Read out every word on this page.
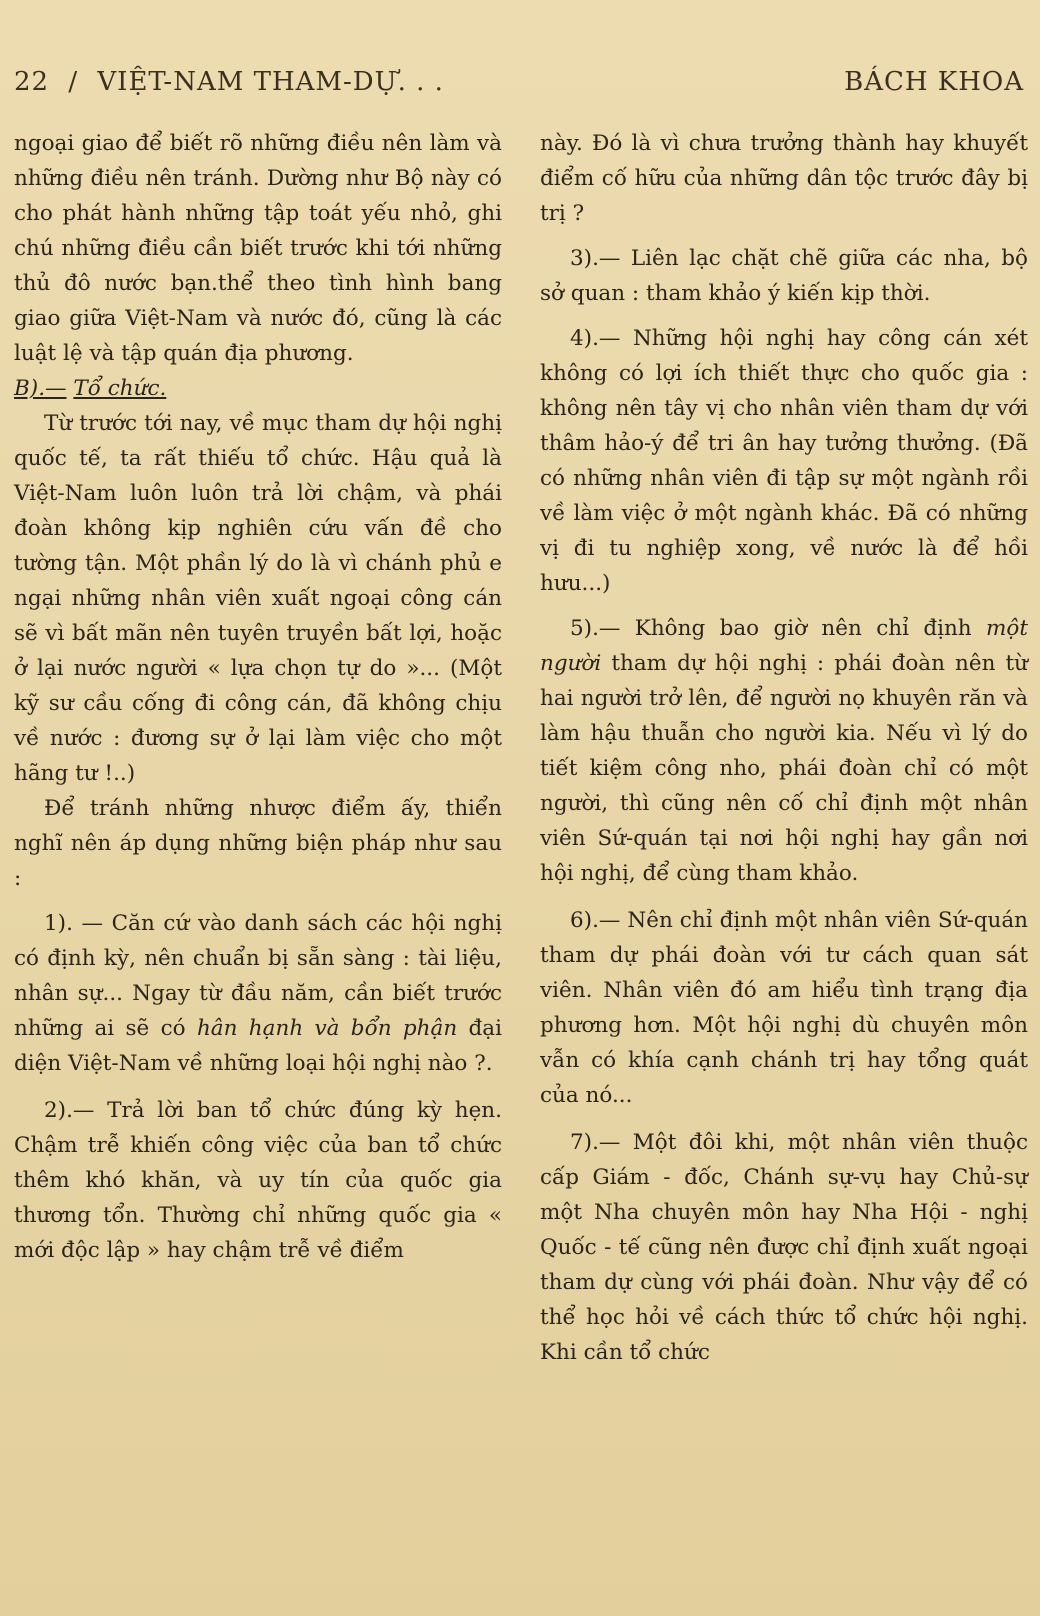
22 / VIỆT-NAM THAM-DỰ. . .	BÁCH KHOA

ngoại giao để biết rõ những điều nên làm và những điều nên tránh. Dường như Bộ này có cho phát hành những tập toát yếu nhỏ, ghi chú những điều cần biết trước khi tới những thủ đô nước bạn.thể theo tình hình bang giao giữa Việt-Nam và nước đó, cũng là các luật lệ và tập quán địa phương.

B).— Tổ chức.

Từ trước tới nay, về mục tham dự hội nghị quốc tế, ta rất thiếu tổ chức. Hậu quả là Việt-Nam luôn luôn trả lời chậm, và phái đoàn không kịp nghiên cứu vấn đề cho tường tận. Một phần lý do là vì chánh phủ e ngại những nhân viên xuất ngoại công cán sẽ vì bất mãn nên tuyên truyền bất lợi, hoặc ở lại nước người « lựa chọn tự do »... (Một kỹ sư cầu cống đi công cán, đã không chịu về nước : đương sự ở lại làm việc cho một hãng tư !..)

Để tránh những nhược điểm ấy, thiển nghĩ nên áp dụng những biện pháp như sau :

1). — Căn cứ vào danh sách các hội nghị có định kỳ, nên chuẩn bị sẵn sàng : tài liệu, nhân sự... Ngay từ đầu năm, cần biết trước những ai sẽ có hân hạnh và bổn phận đại diện Việt-Nam về những loại hội nghị nào ?.

2).— Trả lời ban tổ chức đúng kỳ hẹn. Chậm trễ khiến công việc của ban tổ chức thêm khó khăn, và uy tín của quốc gia thương tổn. Thường chỉ những quốc gia « mới độc lập » hay chậm trễ về điểm

này. Đó là vì chưa trưởng thành hay khuyết điểm cố hữu của những dân tộc trước đây bị trị ?

3).— Liên lạc chặt chẽ giữa các nha, bộ sở quan : tham khảo ý kiến kịp thời.

4).— Những hội nghị hay công cán xét không có lợi ích thiết thực cho quốc gia : không nên tây vị cho nhân viên tham dự với thâm hảo-ý để tri ân hay tưởng thưởng. (Đã có những nhân viên đi tập sự một ngành rồi về làm việc ở một ngành khác. Đã có những vị đi tu nghiệp xong, về nước là để hồi hưu...)

5).— Không bao giờ nên chỉ định một người tham dự hội nghị : phái đoàn nên từ hai người trở lên, để người nọ khuyên răn và làm hậu thuẫn cho người kia. Nếu vì lý do tiết kiệm công nho, phái đoàn chỉ có một người, thì cũng nên cố chỉ định một nhân viên Sứ-quán tại nơi hội nghị hay gần nơi hội nghị, để cùng tham khảo.

6).— Nên chỉ định một nhân viên Sứ-quán tham dự phái đoàn với tư cách quan sát viên. Nhân viên đó am hiểu tình trạng địa phương hơn. Một hội nghị dù chuyên môn vẫn có khía cạnh chánh trị hay tổng quát của nó...

7).— Một đôi khi, một nhân viên thuộc cấp Giám - đốc, Chánh sự-vụ hay Chủ-sự một Nha chuyên môn hay Nha Hội - nghị Quốc - tế cũng nên được chỉ định xuất ngoại tham dự cùng với phái đoàn. Như vậy để có thể học hỏi về cách thức tổ chức hội nghị. Khi cần tổ chức
